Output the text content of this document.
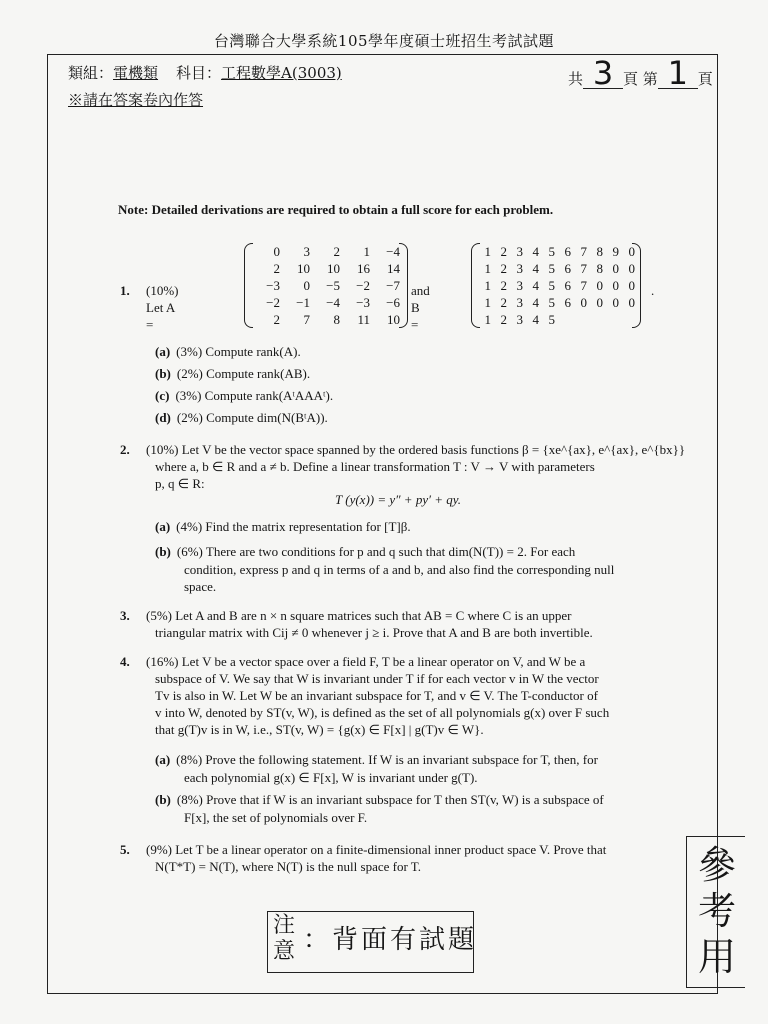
台灣聯合大學系統105學年度碩士班招生考試試題
類組：電機類 科目：工程數學A(3003)	共 3 頁 第 1 頁
※請在答案卷內作答
Note: Detailed derivations are required to obtain a full score for each problem.
1. (10%) Let A =
0	3	2	1	−4
2	10	10	16	14
−3	0	−5	−2	−7
−2	−1	−4	−3	−6
2	7	8	11	10
and B =
1 2 3 4 5 6 7 8 9 0
1 2 3 4 5 6 7 8 0 0
1 2 3 4 5 6 7 0 0 0
1 2 3 4 5 6 0 0 0 0
1 2 3 4 5
.
(a) (3%) Compute rank(A).
(b) (2%) Compute rank(AB).
(c) (3%) Compute rank(AᵗAAAᵗ).
(d) (2%) Compute dim(N(BᵗA)).
2. (10%) Let V be the vector space spanned by the ordered basis functions β = {xe^{ax}, e^{ax}, e^{bx}}
where a, b ∈ R and a ≠ b. Define a linear transformation T : V → V with parameters
p, q ∈ R:
T (y(x)) = y″ + py′ + qy.
(a) (4%) Find the matrix representation for [T]β.
(b) (6%) There are two conditions for p and q such that dim(N(T)) = 2. For each
condition, express p and q in terms of a and b, and also find the corresponding null
space.
3. (5%) Let A and B are n × n square matrices such that AB = C where C is an upper
triangular matrix with Cij ≠ 0 whenever j ≥ i. Prove that A and B are both invertible.
4. (16%) Let V be a vector space over a field F, T be a linear operator on V, and W be a
subspace of V. We say that W is invariant under T if for each vector v in W the vector
Tv is also in W. Let W be an invariant subspace for T, and v ∈ V. The T-conductor of
v into W, denoted by ST(v, W), is defined as the set of all polynomials g(x) over F such
that g(T)v is in W, i.e., ST(v, W) = {g(x) ∈ F[x] | g(T)v ∈ W}.
(a) (8%) Prove the following statement. If W is an invariant subspace for T, then, for
each polynomial g(x) ∈ F[x], W is invariant under g(T).
(b) (8%) Prove that if W is an invariant subspace for T then ST(v, W) is a subspace of
F[x], the set of polynomials over F.
5. (9%) Let T be a linear operator on a finite-dimensional inner product space V. Prove that
N(T*T) = N(T), where N(T) is the null space for T.
注
意 ：背面有試題
參
考
用
